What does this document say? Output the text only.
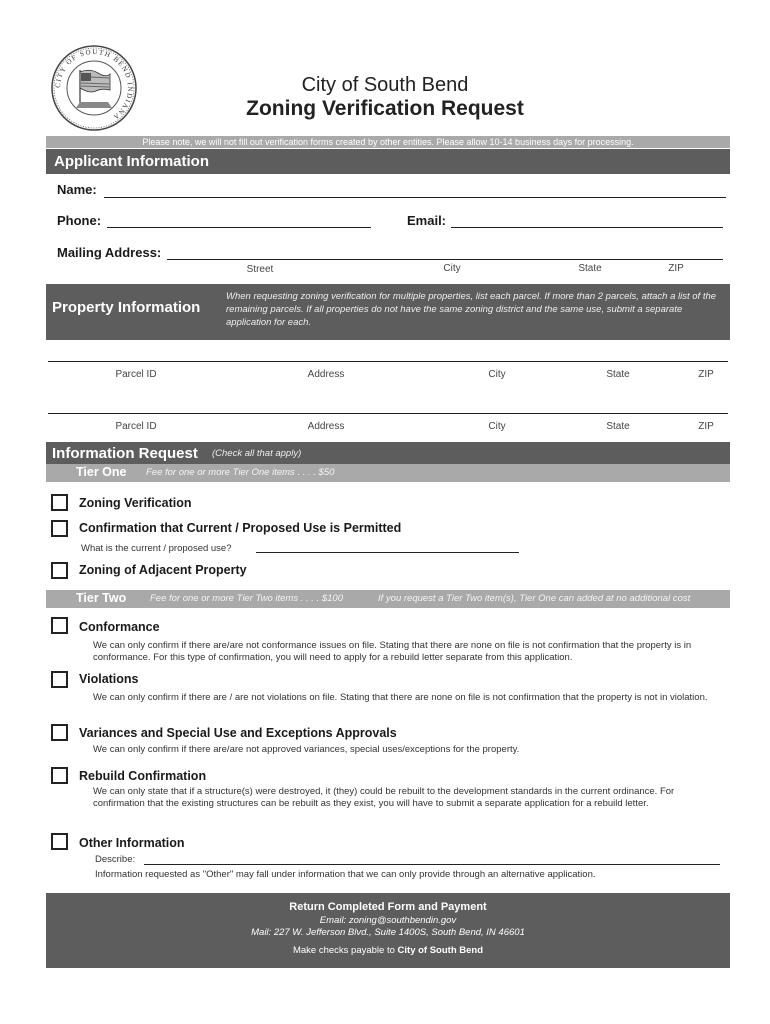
CITY OF SOUTH BEND INDIANA
City of South Bend
Zoning Verification Request
Please note, we will not fill out verification forms created by other entities. Please allow 10-14 business days for processing.
Applicant Information
Name:
Phone:	Email:
Mailing Address:
Street	City	State	ZIP
Property Information
When requesting zoning verification for multiple properties, list each parcel. If more than 2 parcels, attach a list of the remaining parcels. If all properties do not have the same zoning district and the same use, submit a separate application for each.
Parcel ID	Address	City	State	ZIP
Parcel ID	Address	City	State	ZIP
Information Request (Check all that apply)
Tier One Fee for one or more Tier One items . . . . $50
Zoning Verification
Confirmation that Current / Proposed Use is Permitted
What is the current / proposed use?
Zoning of Adjacent Property
Tier Two	Fee for one or more Tier Two items . . . . $100	If you request a Tier Two item(s), Tier One can added at no additional cost
Conformance
We can only confirm if there are/are not conformance issues on file. Stating that there are none on file is not confirmation that the property is in conformance. For this type of confirmation, you will need to apply for a rebuild letter separate from this application.
Violations
We can only confirm if there are / are not violations on file. Stating that there are none on file is not confirmation that the property is not in violation.
Variances and Special Use and Exceptions Approvals
We can only confirm if there are/are not approved variances, special uses/exceptions for the property.
Rebuild Confirmation
We can only state that if a structure(s) were destroyed, it (they) could be rebuilt to the development standards in the current ordinance. For confirmation that the existing structures can be rebuilt as they exist, you will have to submit a separate application for a rebuild letter.
Other Information
Describe:
Information requested as "Other" may fall under information that we can only provide through an alternative application.
Return Completed Form and Payment
Email: zoning@southbendin.gov
Mail: 227 W. Jefferson Blvd., Suite 1400S, South Bend, IN 46601
Make checks payable to City of South Bend
